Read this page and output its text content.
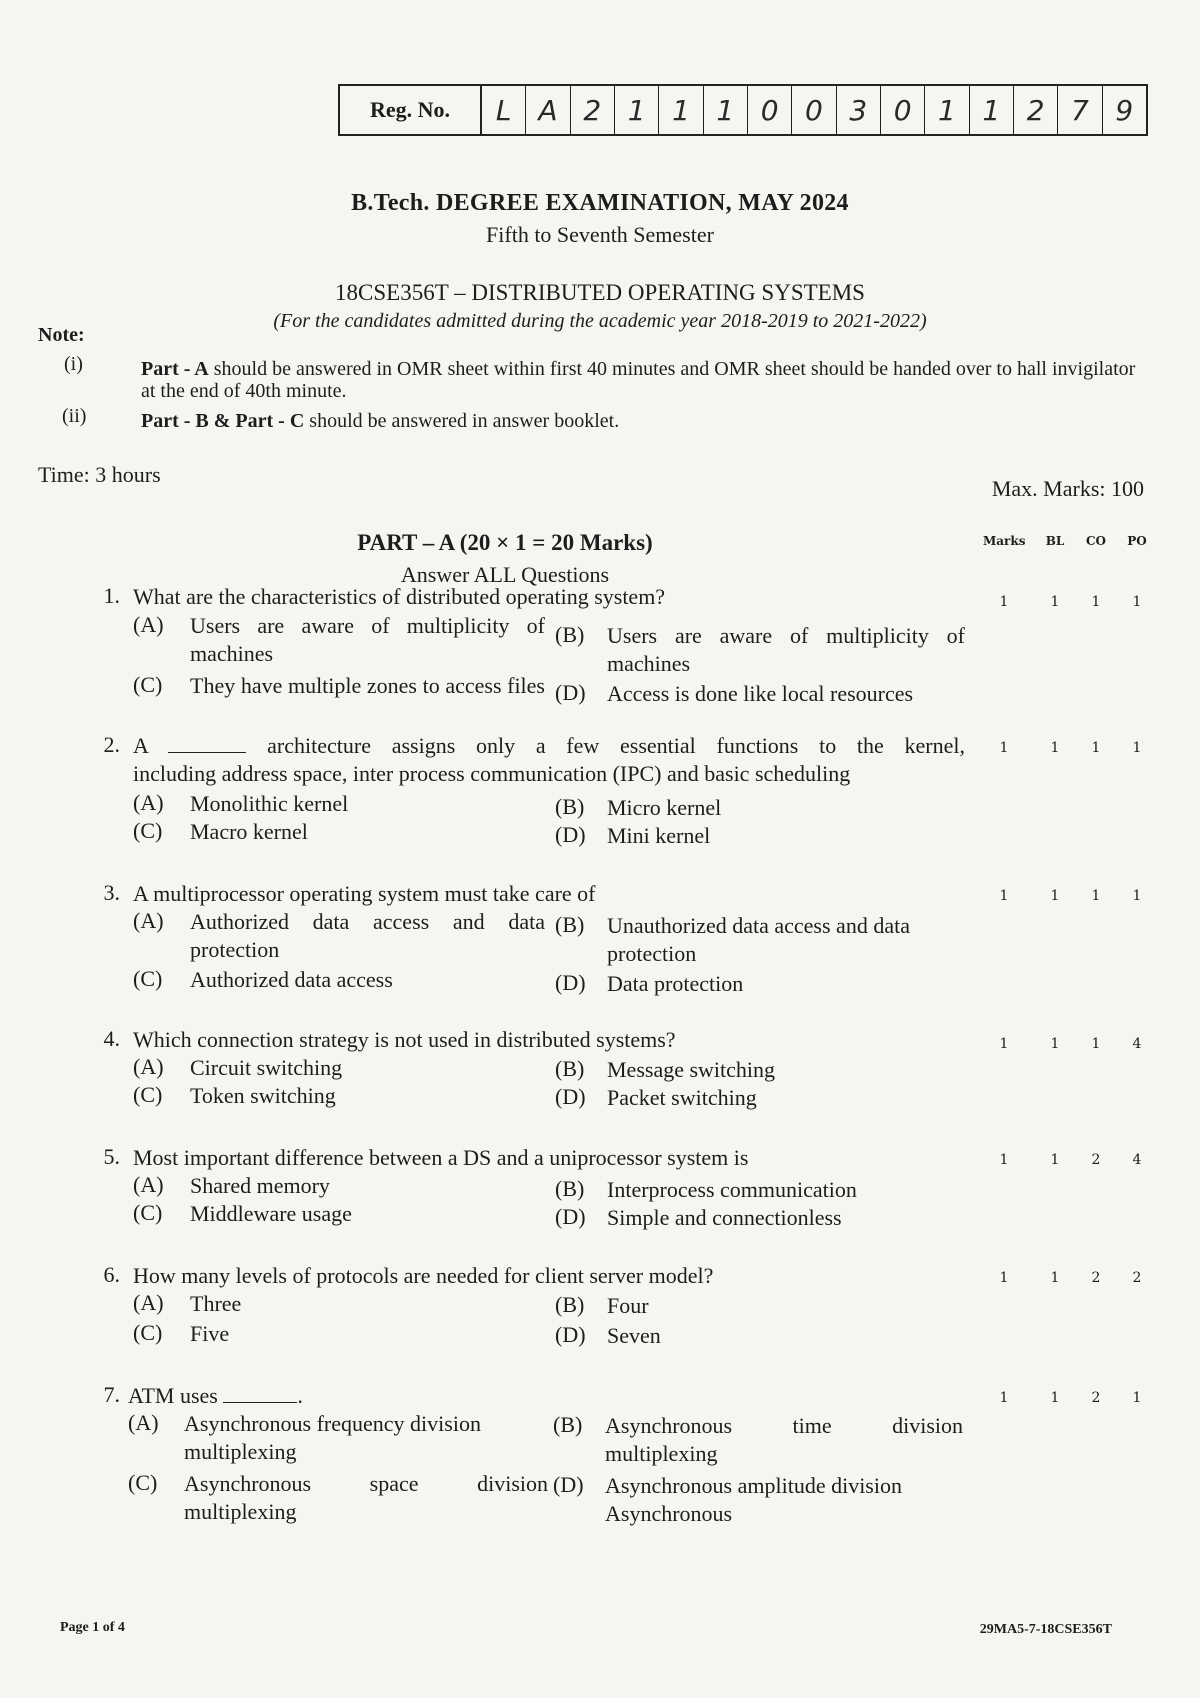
Reg. No.	L A 2 1 1 1 0 0 3 0 1 1 2 7 9
B.Tech. DEGREE EXAMINATION, MAY 2024
Fifth to Seventh Semester
18CSE356T – DISTRIBUTED OPERATING SYSTEMS
(For the candidates admitted during the academic year 2018-2019 to 2021-2022)
Note:
(i)	Part - A should be answered in OMR sheet within first 40 minutes and OMR sheet should be handed over to hall invigilator at the end of 40th minute.
(ii)	Part - B & Part - C should be answered in answer booklet.
Time: 3 hours
Max. Marks: 100
PART – A (20 × 1 = 20 Marks)
Answer ALL Questions
Marks	BL	CO	PO
1. What are the characteristics of distributed operating system?
(A) Users are aware of multiplicity of machines
(B) Users are aware of multiplicity of machines
(C) They have multiple zones to access files (D) Access is done like local resources
1	1	1	1
2. A	architecture assigns only a few essential functions to the kernel,
including address space, inter process communication (IPC) and basic scheduling
(A) Monolithic kernel	(B) Micro kernel
(C) Macro kernel	(D) Mini kernel
1	1	1	1
3. A multiprocessor operating system must take care of
(A) Authorized data access and data protection
(B) Unauthorized data access and data protection
(C) Authorized data access	(D) Data protection
1	1	1	1
4. Which connection strategy is not used in distributed systems?
(A) Circuit switching	(B) Message switching
(C) Token switching	(D) Packet switching
1	1	1	4
5. Most important difference between a DS and a uniprocessor system is
(A) Shared memory	(B) Interprocess communication
(C) Middleware usage	(D) Simple and connectionless
1	1	2	4
6. How many levels of protocols are needed for client server model?
(A) Three	(B) Four
(C) Five	(D) Seven
1	1	2	2
7. ATM uses	.
(A) Asynchronous frequency division multiplexing
(B) Asynchronous time division multiplexing
(C) Asynchronous space division multiplexing
(D) Asynchronous amplitude division Asynchronous
1	1	2	1
Page 1 of 4	29MA5-7-18CSE356T
